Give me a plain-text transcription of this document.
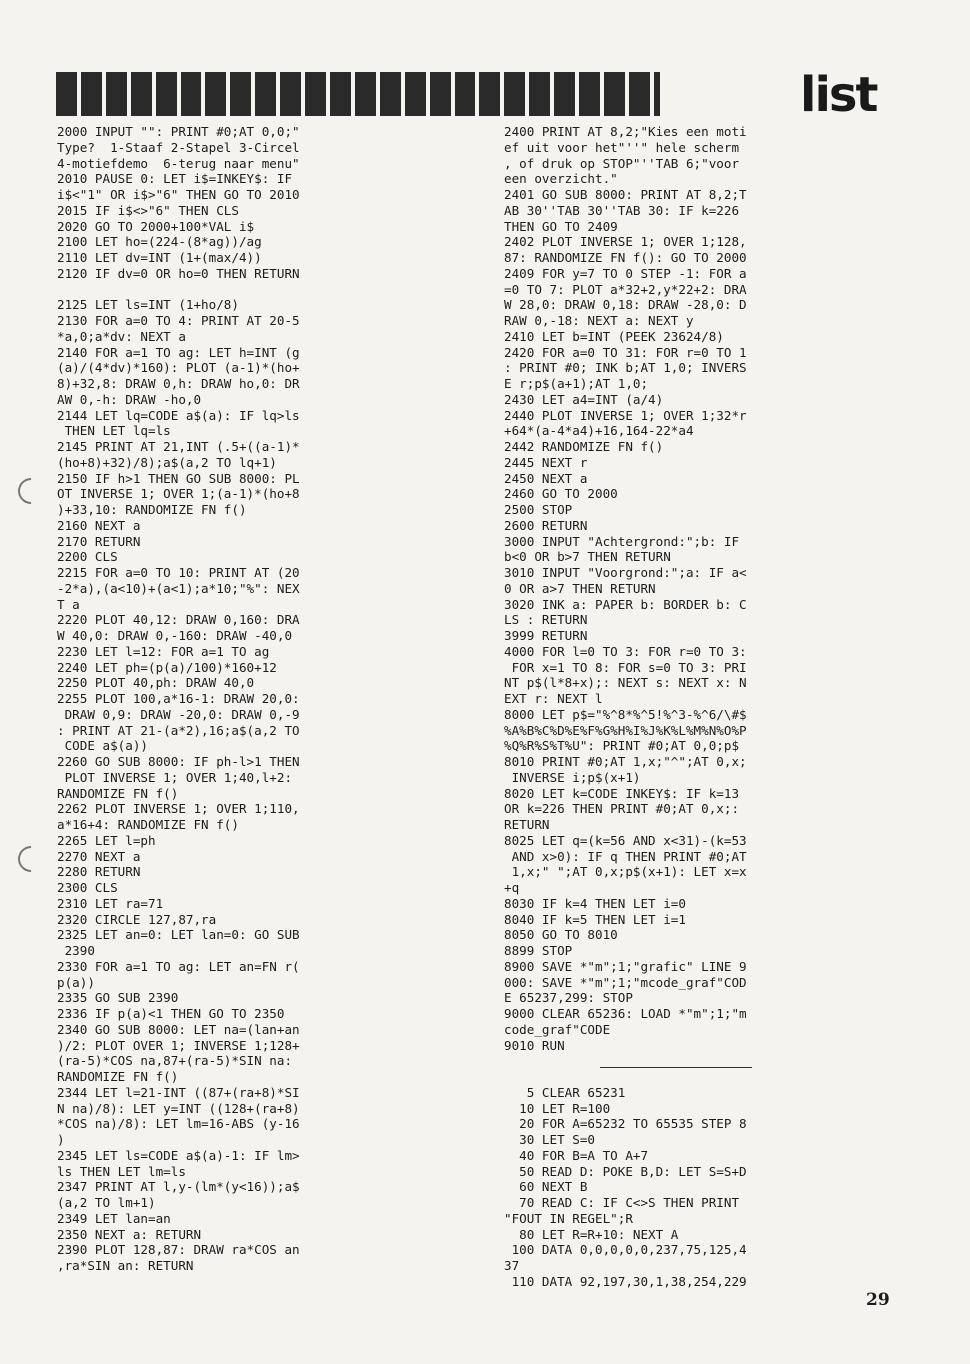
list
2000 INPUT "": PRINT #0;AT 0,0;"
Type?  1-Staaf 2-Stapel 3-Circel
4-motiefdemo  6-terug naar menu"
2010 PAUSE 0: LET i$=INKEY$: IF
i$<"1" OR i$>"6" THEN GO TO 2010
2015 IF i$<>"6" THEN CLS
2020 GO TO 2000+100*VAL i$
2100 LET ho=(224-(8*ag))/ag
2110 LET dv=INT (1+(max/4))
2120 IF dv=0 OR ho=0 THEN RETURN
2125 LET ls=INT (1+ho/8)
2130 FOR a=0 TO 4: PRINT AT 20-5
*a,0;a*dv: NEXT a
2140 FOR a=1 TO ag: LET h=INT (g
(a)/(4*dv)*160): PLOT (a-1)*(ho+
8)+32,8: DRAW 0,h: DRAW ho,0: DR
AW 0,-h: DRAW -ho,0
2144 LET lq=CODE a$(a): IF lq>ls
THEN LET lq=ls
2145 PRINT AT 21,INT (.5+((a-1)*
(ho+8)+32)/8);a$(a,2 TO lq+1)
2150 IF h>1 THEN GO SUB 8000: PL
OT INVERSE 1; OVER 1;(a-1)*(ho+8
)+33,10: RANDOMIZE FN f()
2160 NEXT a
2170 RETURN
2200 CLS
2215 FOR a=0 TO 10: PRINT AT (20
-2*a),(a<10)+(a<1);a*10;"%": NEX
T a
2220 PLOT 40,12: DRAW 0,160: DRA
W 40,0: DRAW 0,-160: DRAW -40,0
2230 LET l=12: FOR a=1 TO ag
2240 LET ph=(p(a)/100)*160+12
2250 PLOT 40,ph: DRAW 40,0
2255 PLOT 100,a*16-1: DRAW 20,0:
DRAW 0,9: DRAW -20,0: DRAW 0,-9
: PRINT AT 21-(a*2),16;a$(a,2 TO
CODE a$(a))
2260 GO SUB 8000: IF ph-l>1 THEN
PLOT INVERSE 1; OVER 1;40,l+2:
RANDOMIZE FN f()
2262 PLOT INVERSE 1; OVER 1;110,
a*16+4: RANDOMIZE FN f()
2265 LET l=ph
2270 NEXT a
2280 RETURN
2300 CLS
2310 LET ra=71
2320 CIRCLE 127,87,ra
2325 LET an=0: LET lan=0: GO SUB
2390
2330 FOR a=1 TO ag: LET an=FN r(
p(a))
2335 GO SUB 2390
2336 IF p(a)<1 THEN GO TO 2350
2340 GO SUB 8000: LET na=(lan+an
)/2: PLOT OVER 1; INVERSE 1;128+
(ra-5)*COS na,87+(ra-5)*SIN na:
RANDOMIZE FN f()
2344 LET l=21-INT ((87+(ra+8)*SI
N na)/8): LET y=INT ((128+(ra+8)
*COS na)/8): LET lm=16-ABS (y-16
)
2345 LET ls=CODE a$(a)-1: IF lm>
ls THEN LET lm=ls
2347 PRINT AT l,y-(lm*(y<16));a$
(a,2 TO lm+1)
2349 LET lan=an
2350 NEXT a: RETURN
2390 PLOT 128,87: DRAW ra*COS an
,ra*SIN an: RETURN
2400 PRINT AT 8,2;"Kies een moti
ef uit voor het"''" hele scherm
, of druk op STOP"''TAB 6;"voor
een overzicht."
2401 GO SUB 8000: PRINT AT 8,2;T
AB 30''TAB 30''TAB 30: IF k=226
THEN GO TO 2409
2402 PLOT INVERSE 1; OVER 1;128,
87: RANDOMIZE FN f(): GO TO 2000
2409 FOR y=7 TO 0 STEP -1: FOR a
=0 TO 7: PLOT a*32+2,y*22+2: DRA
W 28,0: DRAW 0,18: DRAW -28,0: D
RAW 0,-18: NEXT a: NEXT y
2410 LET b=INT (PEEK 23624/8)
2420 FOR a=0 TO 31: FOR r=0 TO 1
: PRINT #0; INK b;AT 1,0; INVERS
E r;p$(a+1);AT 1,0;
2430 LET a4=INT (a/4)
2440 PLOT INVERSE 1; OVER 1;32*r
+64*(a-4*a4)+16,164-22*a4
2442 RANDOMIZE FN f()
2445 NEXT r
2450 NEXT a
2460 GO TO 2000
2500 STOP
2600 RETURN
3000 INPUT "Achtergrond:";b: IF
b<0 OR b>7 THEN RETURN
3010 INPUT "Voorgrond:";a: IF a<
0 OR a>7 THEN RETURN
3020 INK a: PAPER b: BORDER b: C
LS : RETURN
3999 RETURN
4000 FOR l=0 TO 3: FOR r=0 TO 3:
FOR x=1 TO 8: FOR s=0 TO 3: PRI
NT p$(l*8+x);: NEXT s: NEXT x: N
EXT r: NEXT l
8000 LET p$="%^8*%^5!%^3-%^6/\#$
%A%B%C%D%E%F%G%H%I%J%K%L%M%N%O%P
%Q%R%S%T%U": PRINT #0;AT 0,0;p$
8010 PRINT #0;AT 1,x;"^";AT 0,x;
INVERSE i;p$(x+1)
8020 LET k=CODE INKEY$: IF k=13
OR k=226 THEN PRINT #0;AT 0,x;:
RETURN
8025 LET q=(k=56 AND x<31)-(k=53
AND x>0): IF q THEN PRINT #0;AT
1,x;" ";AT 0,x;p$(x+1): LET x=x
+q
8030 IF k=4 THEN LET i=0
8040 IF k=5 THEN LET i=1
8050 GO TO 8010
8899 STOP
8900 SAVE *"m";1;"grafic" LINE 9
000: SAVE *"m";1;"mcode_graf"COD
E 65237,299: STOP
9000 CLEAR 65236: LOAD *"m";1;"m
code_graf"CODE
9010 RUN
5 CLEAR 65231
10 LET R=100
20 FOR A=65232 TO 65535 STEP 8
30 LET S=0
40 FOR B=A TO A+7
50 READ D: POKE B,D: LET S=S+D
60 NEXT B
70 READ C: IF C<>S THEN PRINT
"FOUT IN REGEL";R
80 LET R=R+10: NEXT A
100 DATA 0,0,0,0,0,237,75,125,4
37
110 DATA 92,197,30,1,38,254,229
29
